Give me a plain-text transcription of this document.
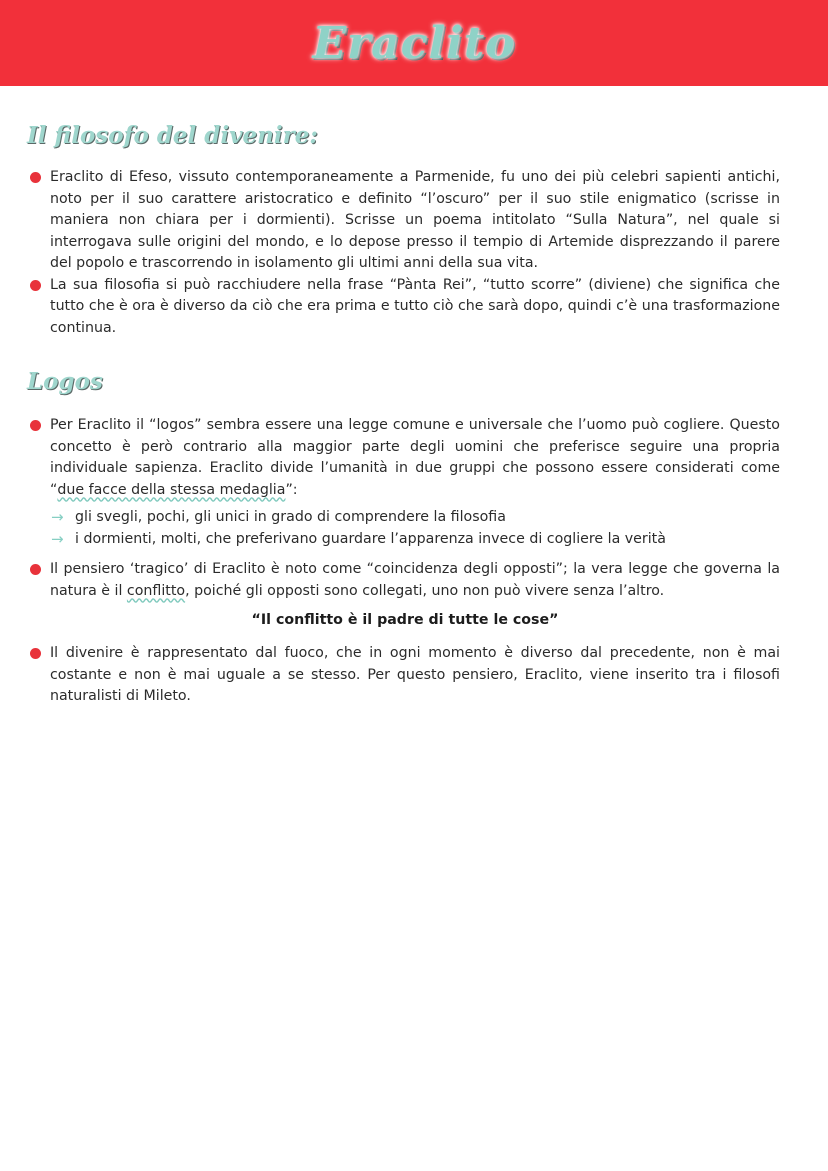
Eraclito
Il filosofo del divenire:
Eraclito di Efeso, vissuto contemporaneamente a Parmenide, fu uno dei più celebri sapienti antichi, noto per il suo carattere aristocratico e definito “l’oscuro” per il suo stile enigmatico (scrisse in maniera non chiara per i dormienti). Scrisse un poema intitolato “Sulla Natura”, nel quale si interrogava sulle origini del mondo, e lo depose presso il tempio di Artemide disprezzando il parere del popolo e trascorrendo in isolamento gli ultimi anni della sua vita.
La sua filosofia si può racchiudere nella frase “Pànta Rei”, “tutto scorre” (diviene) che significa che tutto che è ora è diverso da ciò che era prima e tutto ciò che sarà dopo, quindi c’è una trasformazione continua.
Logos
Per Eraclito il “logos” sembra essere una legge comune e universale che l’uomo può cogliere. Questo concetto è però contrario alla maggior parte degli uomini che preferisce seguire una propria individuale sapienza. Eraclito divide l’umanità in due gruppi che possono essere considerati come “due facce della stessa medaglia”:
→ gli svegli, pochi, gli unici in grado di comprendere la filosofia
→ i dormienti, molti, che preferivano guardare l’apparenza invece di cogliere la verità
Il pensiero ‘tragico’ di Eraclito è noto come “coincidenza degli opposti”; la vera legge che governa la natura è il conflitto, poiché gli opposti sono collegati, uno non può vivere senza l’altro.
“Il conflitto è il padre di tutte le cose”
Il divenire è rappresentato dal fuoco, che in ogni momento è diverso dal precedente, non è mai costante e non è mai uguale a se stesso. Per questo pensiero, Eraclito, viene inserito tra i filosofi naturalisti di Mileto.
